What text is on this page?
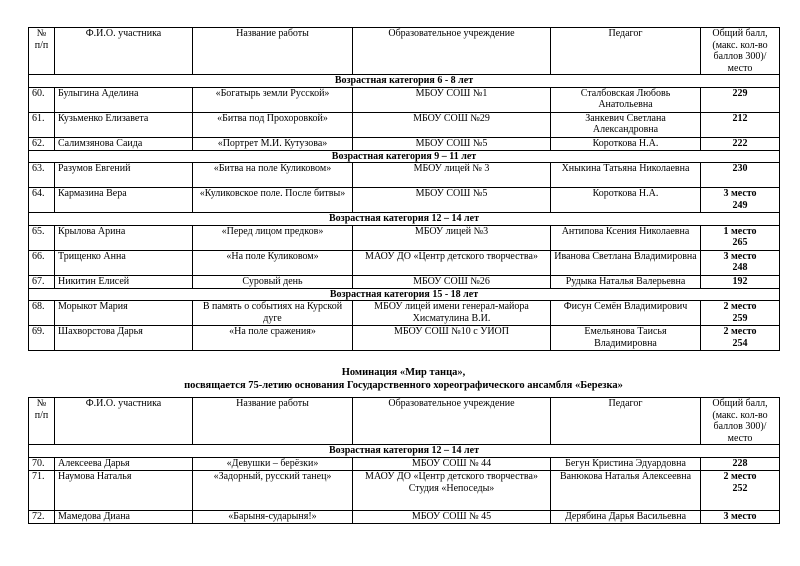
№ п/п	Ф.И.О. участника	Название работы	Образовательное учреждение	Педагог	Общий балл, (макс. кол-во баллов 300)/место
Возрастная категория 6 - 8 лет					
60.	Булыгина Аделина	«Богатырь земли Русской»	МБОУ СОШ №1	Сталбовская Любовь Анатольевна	229

61.	Кузьменко Елизавета	«Битва под Прохоровкой»	МБОУ СОШ №29	Занкевич Светлана Александровна	212

62.	Салимзянова Саида	«Портрет М.И. Кутузова»	МБОУ СОШ №5	Короткова Н.А.	222

Возрастная категория 9 – 11 лет					
63.	Разумов Евгений	«Битва на поле Куликовом»	МБОУ лицей № 3	Хныкина Татьяна Николаевна	230

64.	Кармазина Вера	«Куликовское поле. После битвы»	МБОУ СОШ №5	Короткова Н.А.	3 место
249

Возрастная категория 12 – 14 лет					
65.	Крылова Арина	«Перед лицом предков»	МБОУ лицей №3	Антипова Ксения Николаевна	1 место
265

66.	Трищенко Анна	«На поле Куликовом»	МАОУ ДО «Центр детского творчества»	Иванова Светлана Владимировна	3 место
248

67.	Никитин Елисей	Суровый день	МБОУ СОШ №26	Рудыка Наталья Валерьевна	192

Возрастная категория 15 - 18 лет					
68.	Морыкот Мария	В память о событиях на Курской дуге	МБОУ лицей имени генерал-майора Хисматулина В.И.	Фисун Семён Владимирович	2 место
259

69.	Шахворстова Дарья	«На поле сражения»	МБОУ СОШ №10 с УИОП	Емельянова Таисья Владимировна	2 место
254
Номинация «Мир танца»,
посвящается 75-летию основания Государственного хореографического ансамбля «Березка»
№ п/п	Ф.И.О. участника	Название работы	Образовательное учреждение	Педагог	Общий балл, (макс. кол-во баллов 300)/место
Возрастная категория 12 – 14 лет					
70.	Алексеева Дарья	«Девушки – берёзки»	МБОУ СОШ № 44	Бегун Кристина Эдуардовна	228

71.	Наумова Наталья	«Задорный, русский танец»	МАОУ ДО «Центр детского творчества» Студия «Непоседы»	Ванюкова Наталья Алексеевна	2 место
252

72.	Мамедова Диана	«Барыня-сударыня!»	МБОУ СОШ № 45	Дерябина Дарья Васильевна	3 место
